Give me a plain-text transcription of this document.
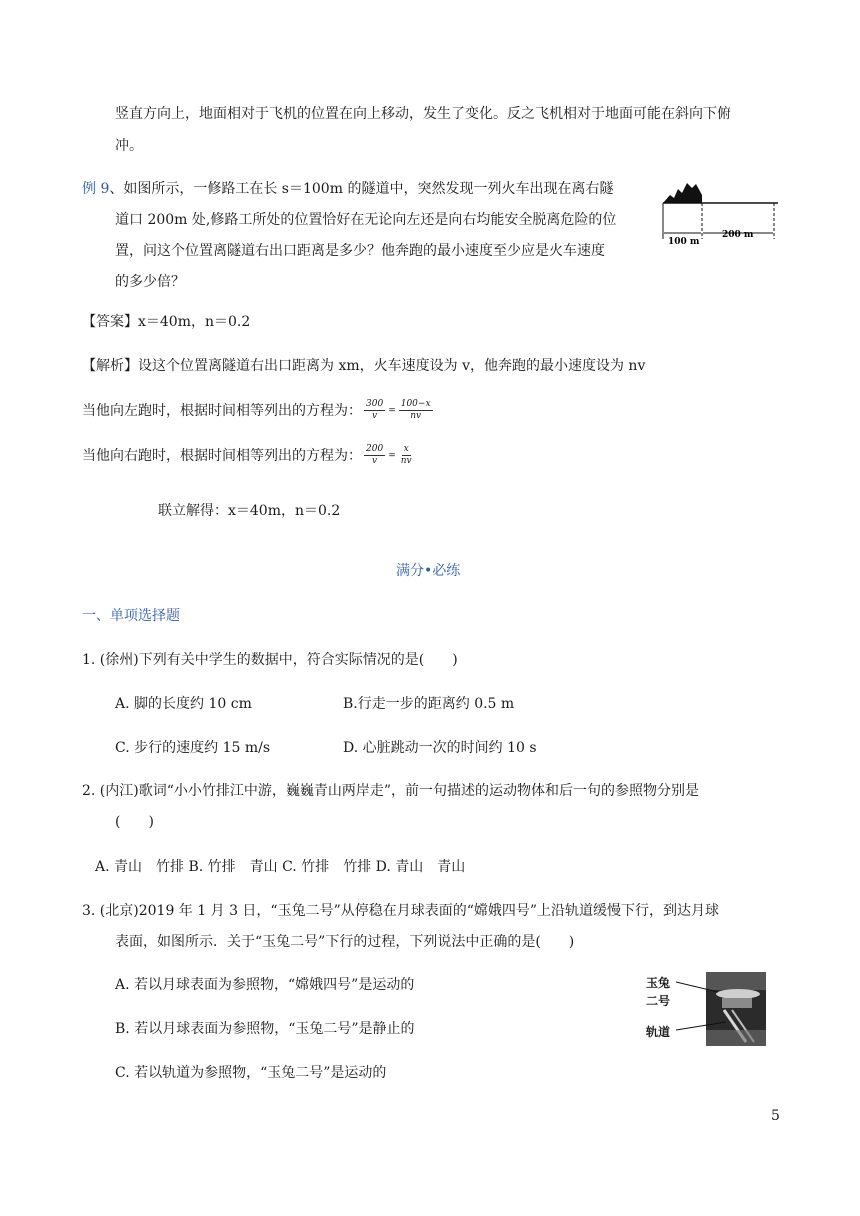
竖直方向上，地面相对于飞机的位置在向上移动，发生了变化。反之飞机相对于地面可能在斜向下俯
冲。
例 9、如图所示，一修路工在长 s＝100m 的隧道中，突然发现一列火车出现在离右隧
道口 200m 处,修路工所处的位置恰好在无论向左还是向右均能安全脱离危险的位
置，问这个位置离隧道右出口距离是多少？他奔跑的最小速度至少应是火车速度
的多少倍？
100 m
200 m
【答案】x＝40m，n＝0.2
【解析】设这个位置离隧道右出口距离为 xm，火车速度设为 v，他奔跑的最小速度设为 nv
当他向左跑时，根据时间相等列出的方程为： $\frac{300}{v} = \frac{100-x}{nv}$
当他向右跑时，根据时间相等列出的方程为： $\frac{200}{v} = \frac{x}{nv}$
联立解得：x＝40m，n＝0.2
满分•必练
一、单项选择题
1. (徐州)下列有关中学生的数据中，符合实际情况的是(　　)
A. 脚的长度约 10 cm	B.行走一步的距离约 0.5 m
C. 步行的速度约 15 m/s	D. 心脏跳动一次的时间约 10 s
2. (内江)歌词“小小竹排江中游，巍巍青山两岸走”，前一句描述的运动物体和后一句的参照物分别是
(　　)
A. 青山　竹排 B. 竹排　青山 C. 竹排　竹排 D. 青山　青山
3. (北京)2019 年 1 月 3 日，“玉兔二号”从停稳在月球表面的“嫦娥四号”上沿轨道缓慢下行，到达月球
表面，如图所示．关于“玉兔二号”下行的过程，下列说法中正确的是(　　)
A. 若以月球表面为参照物，“嫦娥四号”是运动的
B. 若以月球表面为参照物，“玉兔二号”是静止的
C. 若以轨道为参照物，“玉兔二号”是运动的
玉兔
二号
轨道
5
